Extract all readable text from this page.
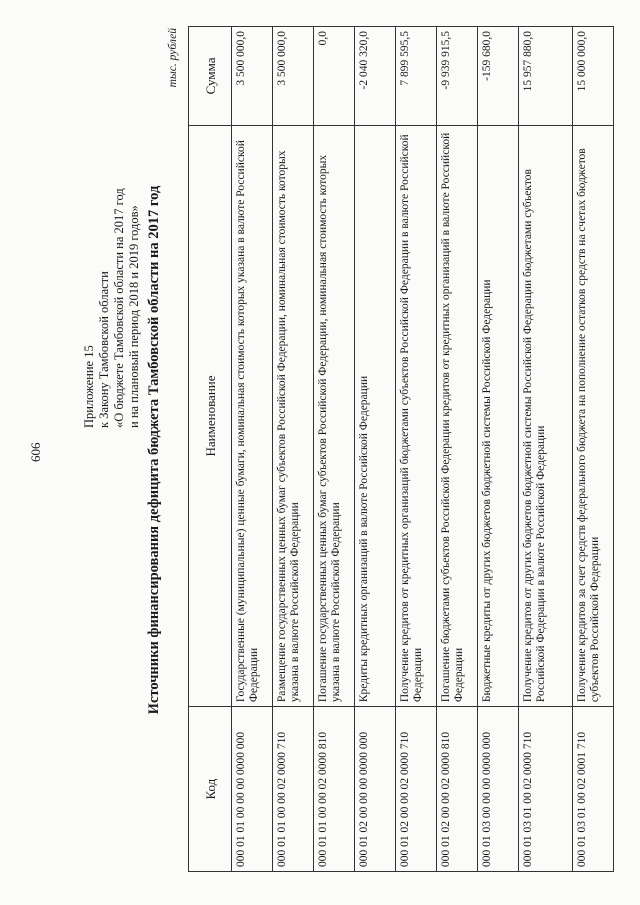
606
Приложение 15 к Закону Тамбовской области «О бюджете Тамбовской области на 2017 год и на плановый период 2018 и 2019 годов» Источники финансирования дефицита бюджета Тамбовской области на 2017 год
тыс. рублей
Код	Наименование	Сумма
000 01 01 00 00 00 0000 000	Государственные (муниципальные) ценные бумаги, номинальная стоимость которых указана в валюте Российской Федерации	3 500 000,0
000 01 01 00 00 02 0000 710	Размещение государственных ценных бумаг субъектов Российской Федерации, номинальная стоимость которых указана в валюте Российской Федерации	3 500 000,0
000 01 01 00 00 02 0000 810	Погашение государственных ценных бумаг субъектов Российской Федерации, номинальная стоимость которых указана в валюте Российской Федерации	0,0
000 01 02 00 00 00 0000 000	Кредиты кредитных организаций в валюте Российской Федерации	-2 040 320,0
000 01 02 00 00 02 0000 710	Получение кредитов от кредитных организаций бюджетами субъектов Российской Федерации в валюте Российской Федерации	7 899 595,5
000 01 02 00 00 02 0000 810	Погашение бюджетами субъектов Российской Федерации кредитов от кредитных организаций в валюте Российской Федерации	-9 939 915,5
000 01 03 00 00 00 0000 000	Бюджетные кредиты от других бюджетов бюджетной системы Российской Федерации	-159 680,0
000 01 03 01 00 02 0000 710	Получение кредитов от других бюджетов бюджетной системы Российской Федерации бюджетами субъектов Российской Федерации в валюте Российской Федерации	15 957 880,0
000 01 03 01 00 02 0001 710	Получение кредитов за счет средств федерального бюджета на пополнение остатков средств на счетах бюджетов субъектов Российской Федерации	15 000 000,0
